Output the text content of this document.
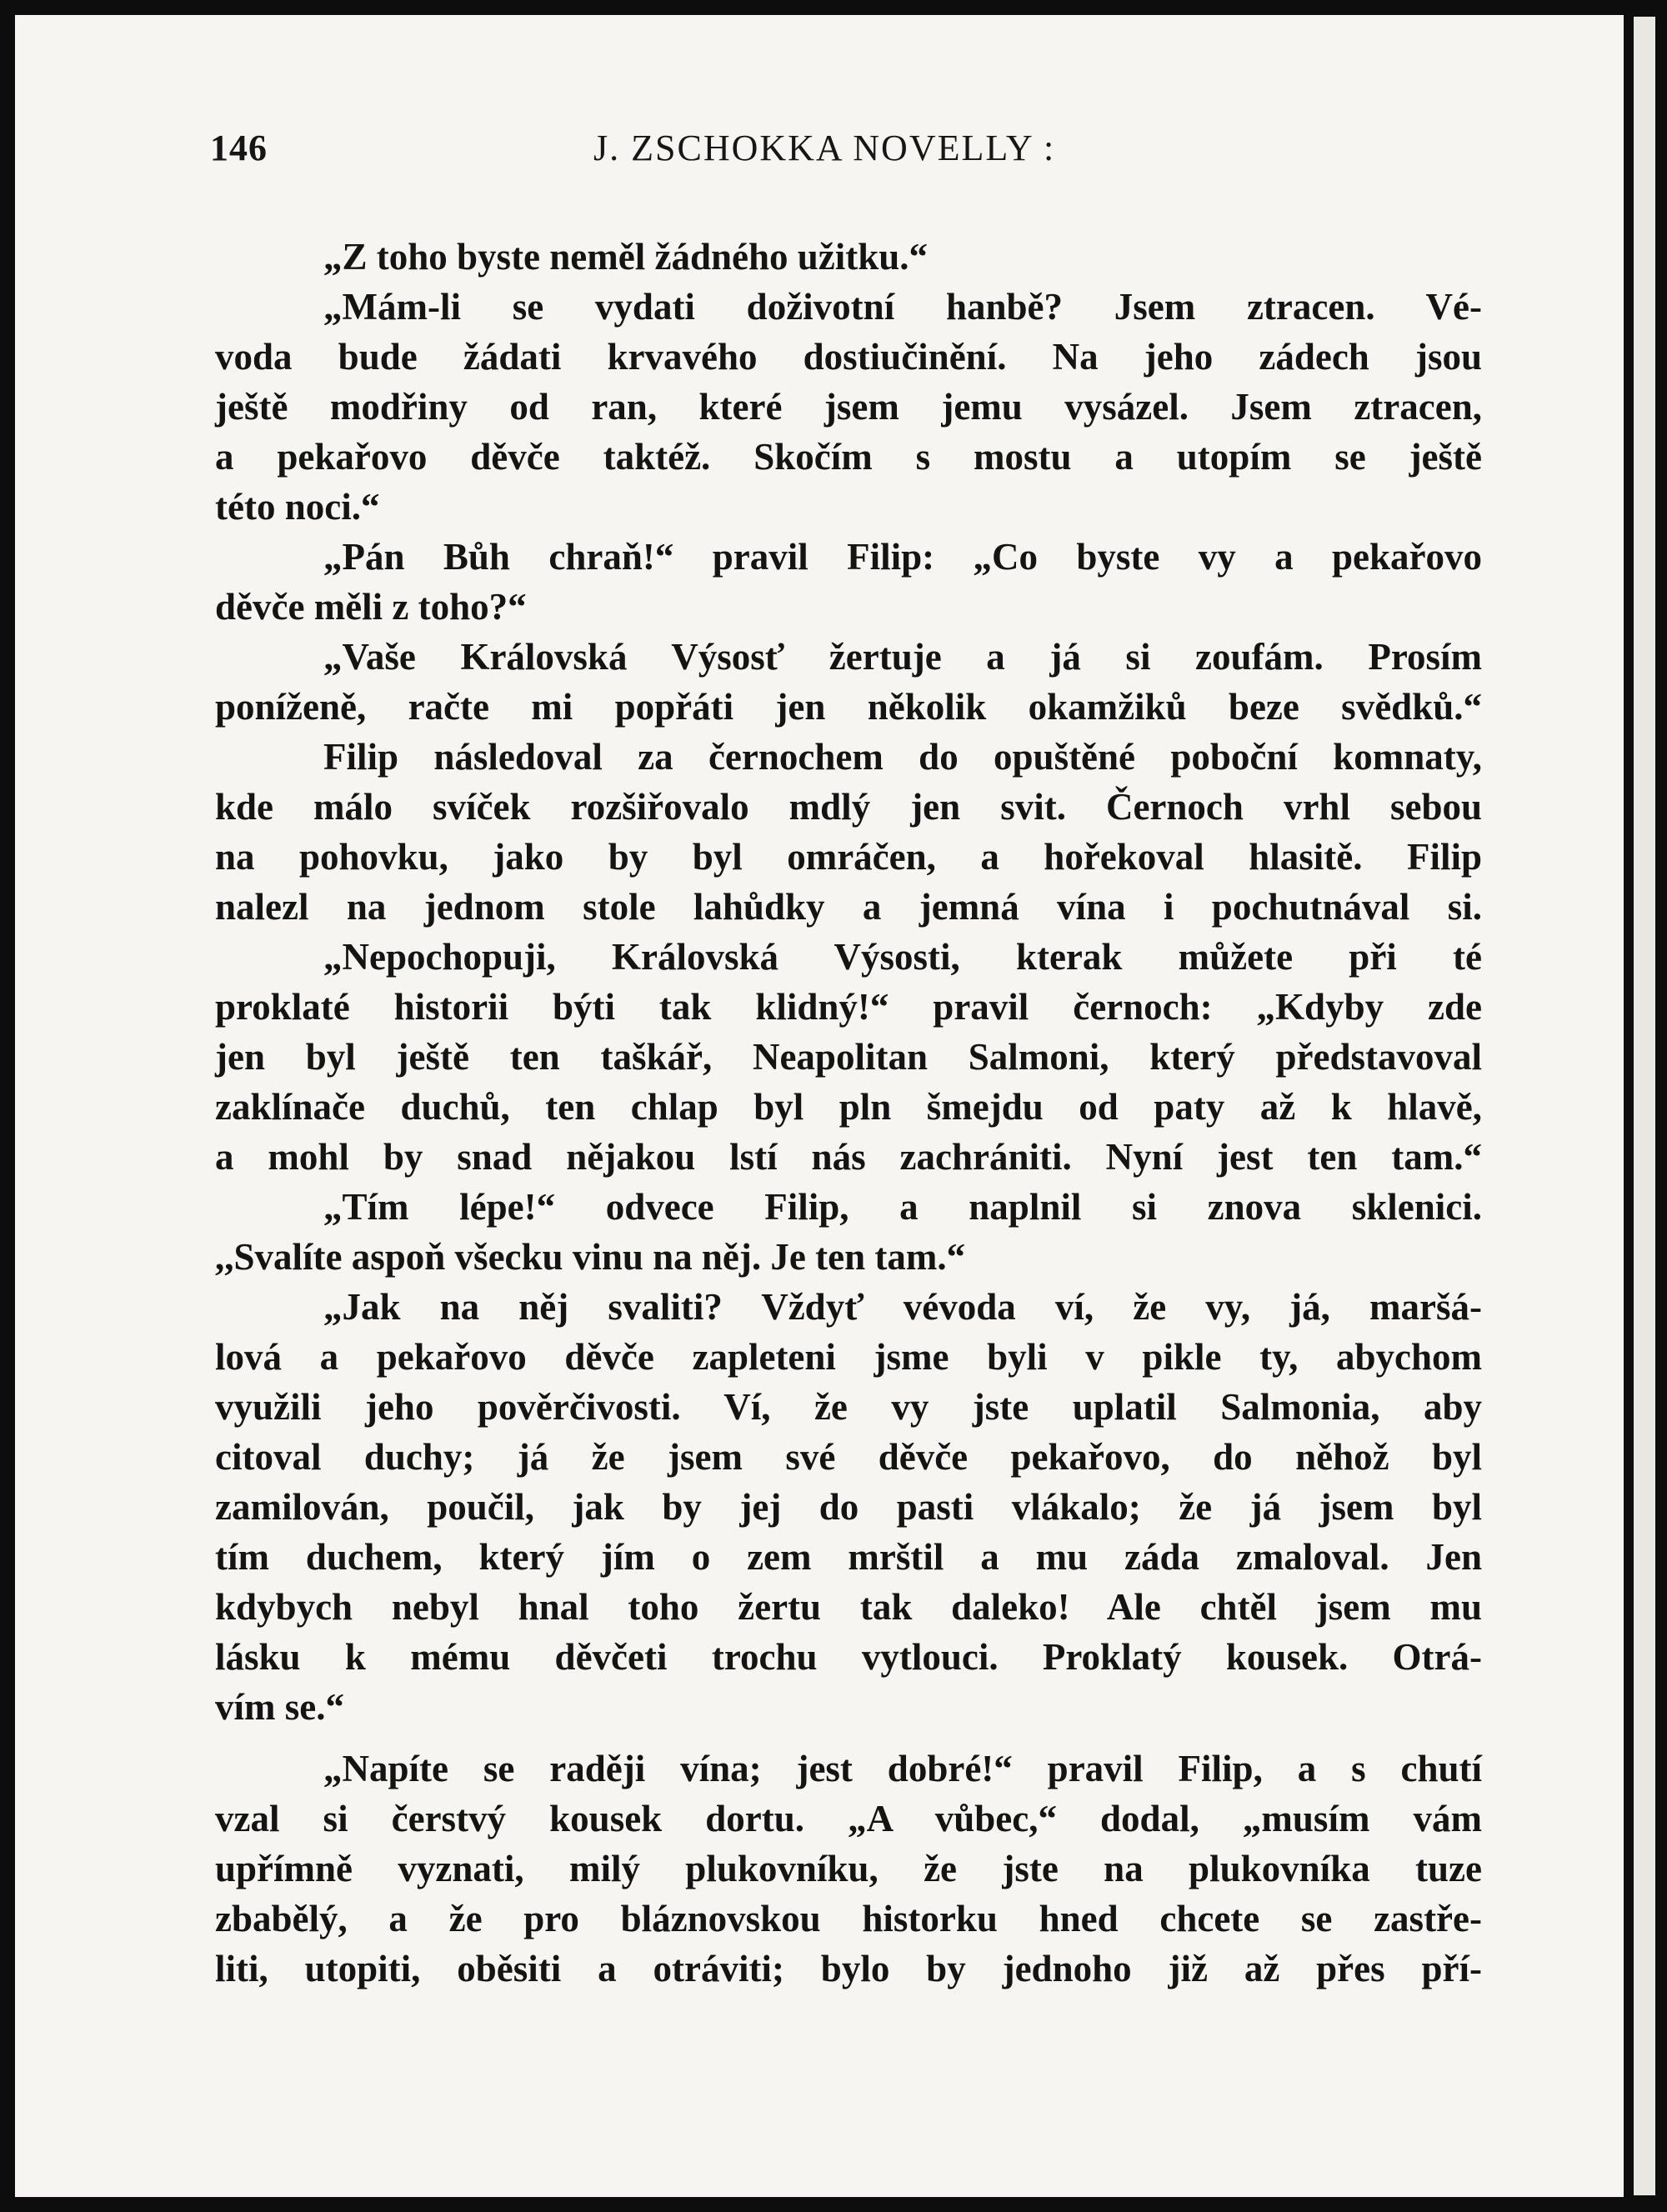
146	J. ZSCHOKKA NOVELLY :
„Z toho byste neměl žádného užitku.“
„Mám-li se vydati doživotní hanbě? Jsem ztracen. Vé-
voda bude žádati krvavého dostiučinění. Na jeho zádech jsou
ještě modřiny od ran, které jsem jemu vysázel. Jsem ztracen,
a pekařovo děvče taktéž. Skočím s mostu a utopím se ještě
této noci.“
„Pán Bůh chraň!“ pravil Filip: „Co byste vy a pekařovo
děvče měli z toho?“
„Vaše Královská Výsosť žertuje a já si zoufám. Prosím
poníženě, račte mi popřáti jen několik okamžiků beze svědků.“
Filip následoval za černochem do opuštěné poboční komnaty,
kde málo svíček rozšiřovalo mdlý jen svit. Černoch vrhl sebou
na pohovku, jako by byl omráčen, a hořekoval hlasitě. Filip
nalezl na jednom stole lahůdky a jemná vína i pochutnával si.
„Nepochopuji, Královská Výsosti, kterak můžete při té
proklaté historii býti tak klidný!“ pravil černoch: „Kdyby zde
jen byl ještě ten taškář, Neapolitan Salmoni, který představoval
zaklínače duchů, ten chlap byl pln šmejdu od paty až k hlavě,
a mohl by snad nějakou lstí nás zachrániti. Nyní jest ten tam.“
„Tím lépe!“ odvece Filip, a naplnil si znova sklenici.
,,Svalíte aspoň všecku vinu na něj. Je ten tam.“
„Jak na něj svaliti? Vždyť vévoda ví, že vy, já, maršá-
lová a pekařovo děvče zapleteni jsme byli v pikle ty, abychom
využili jeho pověrčivosti. Ví, že vy jste uplatil Salmonia, aby
citoval duchy; já že jsem své děvče pekařovo, do něhož byl
zamilován, poučil, jak by jej do pasti vlákalo; že já jsem byl
tím duchem, který jím o zem mrštil a mu záda zmaloval. Jen
kdybych nebyl hnal toho žertu tak daleko! Ale chtěl jsem mu
lásku k mému děvčeti trochu vytlouci. Proklatý kousek. Otrá-
vím se.“
„Napíte se raději vína; jest dobré!“ pravil Filip, a s chutí
vzal si čerstvý kousek dortu. „A vůbec,“ dodal, „musím vám
upřímně vyznati, milý plukovníku, že jste na plukovníka tuze
zbabělý, a že pro bláznovskou historku hned chcete se zastře-
liti, utopiti, oběsiti a otráviti; bylo by jednoho již až přes pří-
